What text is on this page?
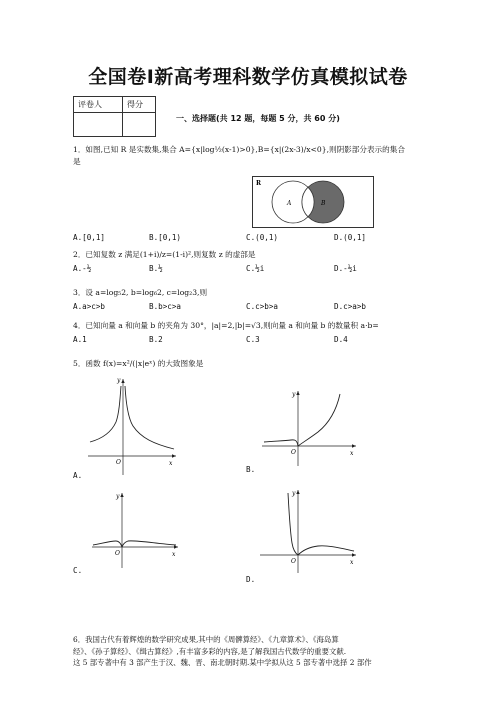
全国卷Ⅰ新高考理科数学仿真模拟试卷
评卷人	得分

一、选择题(共 12 题，每题 5 分，共 60 分)
1．如图,已知 R 是实数集,集合 A={x|log½(x-1)>0},B={x|(2x-3)/x<0},则阴影部分表示的集合
是
R
A	B
A.[0,1]	B.[0,1)	C.(0,1)	D.(0,1]
2．已知复数 z 满足(1+i)/z=(1-i)²,则复数 z 的虚部是
A.-½	B.½	C.½i	D.-½i
3．设 a=log₅2, b=log₆2, c=log₂3,则
A.a>c>b	B.b>c>a	C.c>b>a	D.c>a>b
4．已知向量 a 和向量 b 的夹角为 30°，|a|=2,|b|=√3,则向量 a 和向量 b 的数量积 a·b=
A.1	B.2	C.3	D.4
5．函数 f(x)=x²/(|x|eˣ) 的大致图象是
y
x
O
A.
y
x
O
B.
y
x
O
C.
y
x
O
D.

6．我国古代有着辉煌的数学研究成果,其中的《周髀算经》、《九章算术》、《海岛算

经》、《孙子算经》、《缉古算经》,有丰富多彩的内容,是了解我国古代数学的重要文献.

这 5 部专著中有 3 部产生于汉、魏、晋、南北朝时期.某中学拟从这 5 部专著中选择 2 部作
